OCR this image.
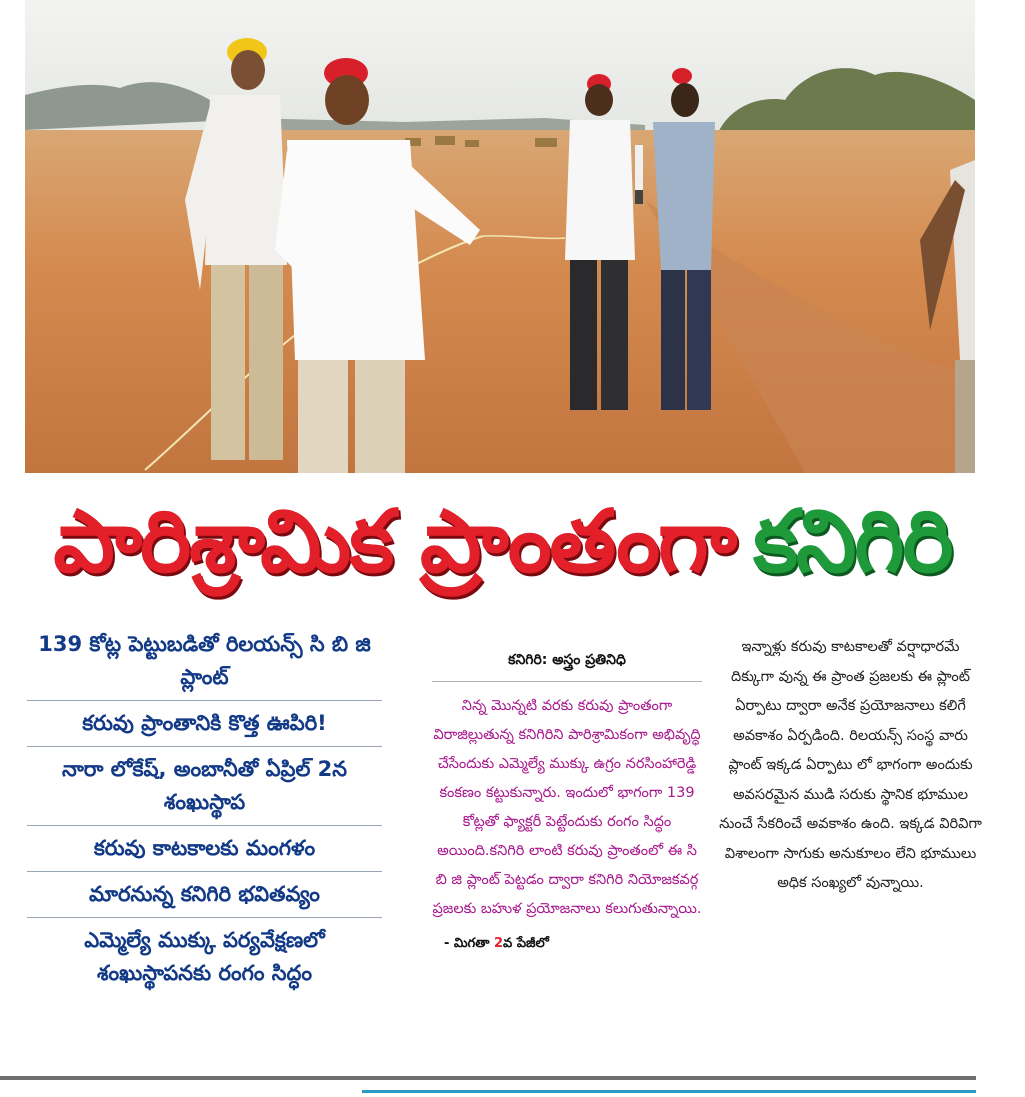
పారిశ్రామిక ప్రాంతంగా కనిగిరి
139 కోట్ల పెట్టుబడితో రిలయన్స్ సి బి జి ప్లాంట్
కరువు ప్రాంతానికి కొత్త ఊపిరి!
నారా లోకేష్, అంబానీతో ఏప్రిల్ 2న శంఖుస్థాప
కరువు కాటకాలకు మంగళం
మారనున్న కనిగిరి భవితవ్యం
ఎమ్మెల్యే ముక్కు పర్యవేక్షణలో శంఖుస్థాపనకు రంగం సిద్ధం
కనిగిరి: అస్త్రం ప్రతినిధి
నిన్న మొన్నటి వరకు కరువు ప్రాంతంగా విరాజిల్లుతున్న కనిగిరిని పారిశ్రామికంగా అభివృద్ధి చేసేందుకు ఎమ్మెల్యే ముక్కు ఉగ్రం నరసింహారెడ్డి కంకణం కట్టుకున్నారు. ఇందులో భాగంగా 139 కోట్లతో ఫ్యాక్టరీ పెట్టేందుకు రంగం సిద్ధం అయింది.కనిగిరి లాంటి కరువు ప్రాంతంలో ఈ సి బి జి ప్లాంట్ పెట్టడం ద్వారా కనిగిరి నియోజకవర్గ ప్రజలకు బహుళ ప్రయోజనాలు కలుగుతున్నాయి.
- మిగతా 2వ పేజీలో
ఇన్నాళ్లు కరువు కాటకాలతో వర్షాధారమే దిక్కుగా వున్న ఈ ప్రాంత ప్రజలకు ఈ ప్లాంట్ ఏర్పాటు ద్వారా అనేక ప్రయోజనాలు కలిగే అవకాశం ఏర్పడింది. రిలయన్స్ సంస్థ వారు ప్లాంట్ ఇక్కడ ఏర్పాటు లో భాగంగా అందుకు అవసరమైన ముడి సరుకు స్థానిక భూముల నుంచే సేకరించే అవకాశం ఉంది. ఇక్కడ విరివిగా విశాలంగా సాగుకు అనుకూలం లేని భూములు అధిక సంఖ్యలో వున్నాయి.
